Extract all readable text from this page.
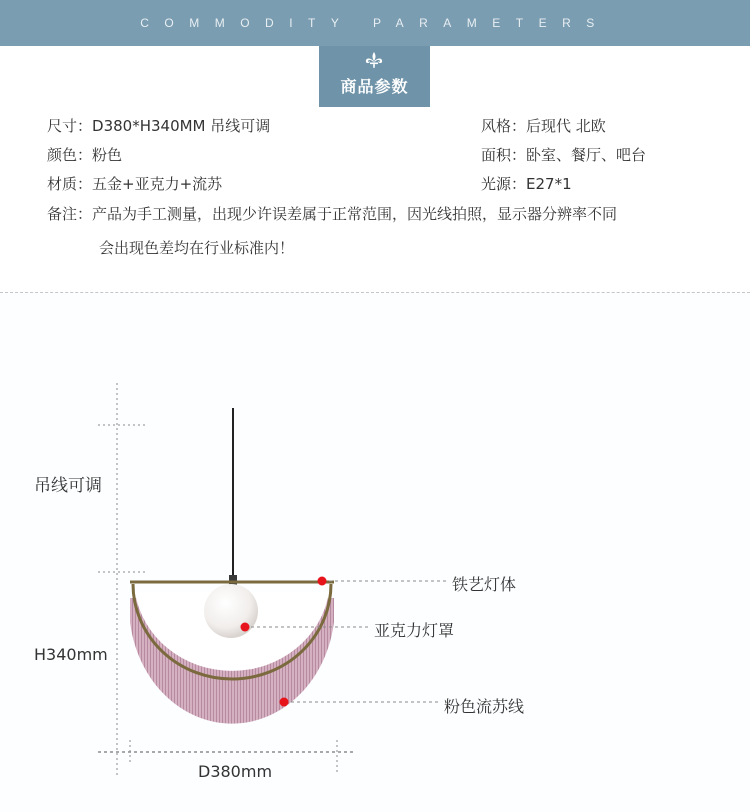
COMMODITY PARAMETERS
商品参数
尺寸：D380*H340MM 吊线可调	风格：后现代 北欧
颜色：粉色	面积：卧室、餐厅、吧台
材质：五金+亚克力+流苏	光源：E27*1
备注：产品为手工测量，出现少许误差属于正常范围，因光线拍照，显示器分辨率不同
会出现色差均在行业标准内！
吊线可调
H340mm
D380mm
铁艺灯体
亚克力灯罩
粉色流苏线
